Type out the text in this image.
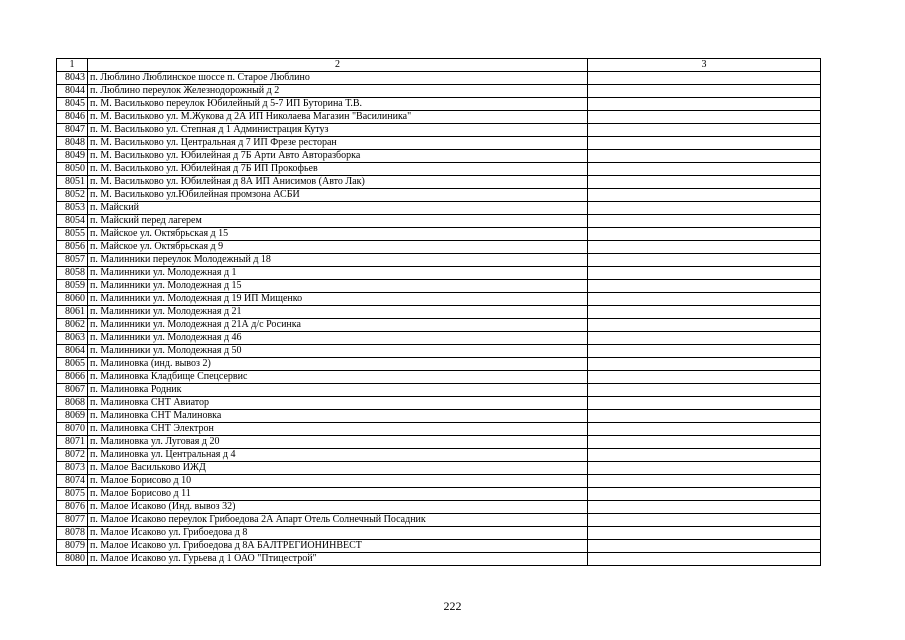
1	2	3
8043	п. Люблино Люблинское шоссе п. Старое Люблино	
8044	п. Люблино переулок Железнодорожный д 2	
8045	п. М. Васильково переулок Юбилейный д 5-7 ИП Буторина Т.В.	
8046	п. М. Васильково ул. М.Жукова д 2А ИП Николаева Магазин "Василиника"	
8047	п. М. Васильково ул. Степная д 1 Администрация Кутуз	
8048	п. М. Васильково ул. Центральная д 7 ИП Фрезе ресторан	
8049	п. М. Васильково ул. Юбилейная д 7Б Арти Авто Авторазборка	
8050	п. М. Васильково ул. Юбилейная д 7Б ИП Прокофьев	
8051	п. М. Васильково ул. Юбилейная д 8А ИП Анисимов (Авто Лак)	
8052	п. М. Васильково ул.Юбилейная промзона АСБИ	
8053	п. Майский	
8054	п. Майский перед лагерем	
8055	п. Майское ул. Октябрьская д 15	
8056	п. Майское ул. Октябрьская д 9	
8057	п. Малинники переулок Молодежный д 18	
8058	п. Малинники ул. Молодежная д 1	
8059	п. Малинники ул. Молодежная д 15	
8060	п. Малинники ул. Молодежная д 19 ИП Мищенко	
8061	п. Малинники ул. Молодежная д 21	
8062	п. Малинники ул. Молодежная д 21А д/с Росинка	
8063	п. Малинники ул. Молодежная д 46	
8064	п. Малинники ул. Молодежная д 50	
8065	п. Малиновка (инд. вывоз 2)	
8066	п. Малиновка Кладбище Спецсервис	
8067	п. Малиновка Родник	
8068	п. Малиновка СНТ Авиатор	
8069	п. Малиновка СНТ Малиновка	
8070	п. Малиновка СНТ Электрон	
8071	п. Малиновка ул. Луговая д 20	
8072	п. Малиновка ул. Центральная д 4	
8073	п. Малое Васильково ИЖД	
8074	п. Малое Борисово д 10	
8075	п. Малое Борисово д 11	
8076	п. Малое Исаково (Инд. вывоз 32)	
8077	п. Малое Исаково переулок Грибоедова 2А Апарт Отель Солнечный Посадник	
8078	п. Малое Исаково ул. Грибоедова д 8	
8079	п. Малое Исаково ул. Грибоедова д 8А БАЛТРЕГИОНИНВЕСТ	
8080	п. Малое Исаково ул. Гурьева д 1 ОАО "Птицестрой"	
222
